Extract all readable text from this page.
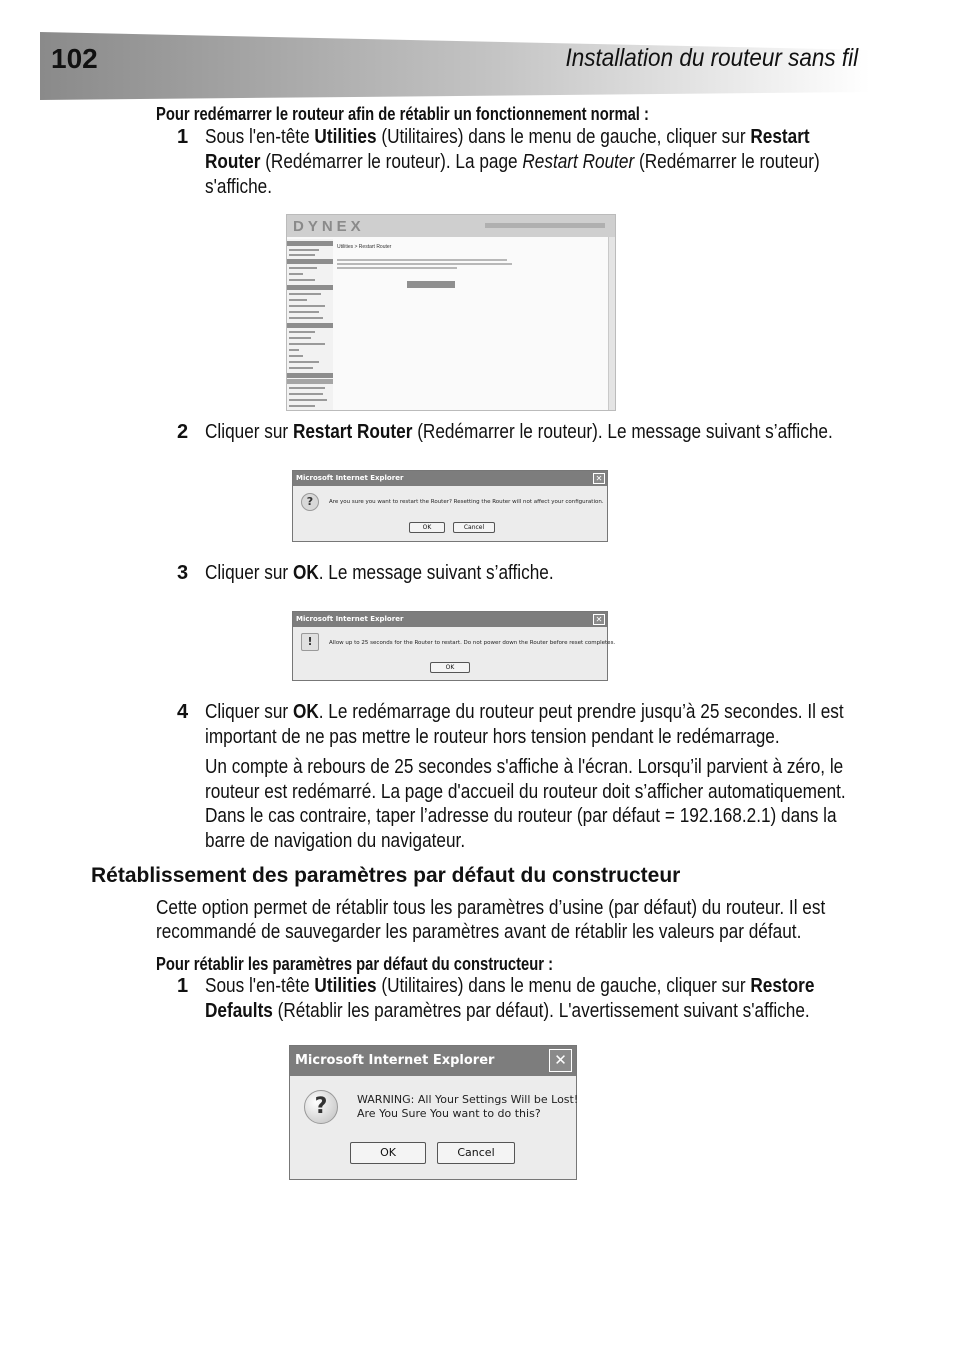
102	Installation du routeur sans fil
Pour redémarrer le routeur afin de rétablir un fonctionnement normal :
1 Sous l'en-tête Utilities (Utilitaires) dans le menu de gauche, cliquer sur Restart
Router (Redémarrer le routeur). La page Restart Router (Redémarrer le routeur)
s'affiche.
DYNEX
Utilities > Restart Router
2 Cliquer sur Restart Router (Redémarrer le routeur). Le message suivant s’affiche.
Microsoft Internet Explorer	✕
?	Are you sure you want to restart the Router? Resetting the Router will not affect your configuration.
OK	Cancel
3 Cliquer sur OK. Le message suivant s’affiche.
Microsoft Internet Explorer	✕
!	Allow up to 25 seconds for the Router to restart. Do not power down the Router before reset completes.
OK
4 Cliquer sur OK. Le redémarrage du routeur peut prendre jusqu’à 25 secondes. Il est
important de ne pas mettre le routeur hors tension pendant le redémarrage.
Un compte à rebours de 25 secondes s'affiche à l'écran. Lorsqu’il parvient à zéro, le
routeur est redémarré. La page d'accueil du routeur doit s’afficher automatiquement.
Dans le cas contraire, taper l’adresse du routeur (par défaut = 192.168.2.1) dans la
barre de navigation du navigateur.
Rétablissement des paramètres par défaut du constructeur
Cette option permet de rétablir tous les paramètres d’usine (par défaut) du routeur. Il est
recommandé de sauvegarder les paramètres avant de rétablir les valeurs par défaut.
Pour rétablir les paramètres par défaut du constructeur :
1 Sous l'en-tête Utilities (Utilitaires) dans le menu de gauche, cliquer sur Restore
Defaults (Rétablir les paramètres par défaut). L'avertissement suivant s'affiche.
Microsoft Internet Explorer	✕
?	WARNING: All Your Settings Will be Lost!
Are You Sure You want to do this?
OK	Cancel
